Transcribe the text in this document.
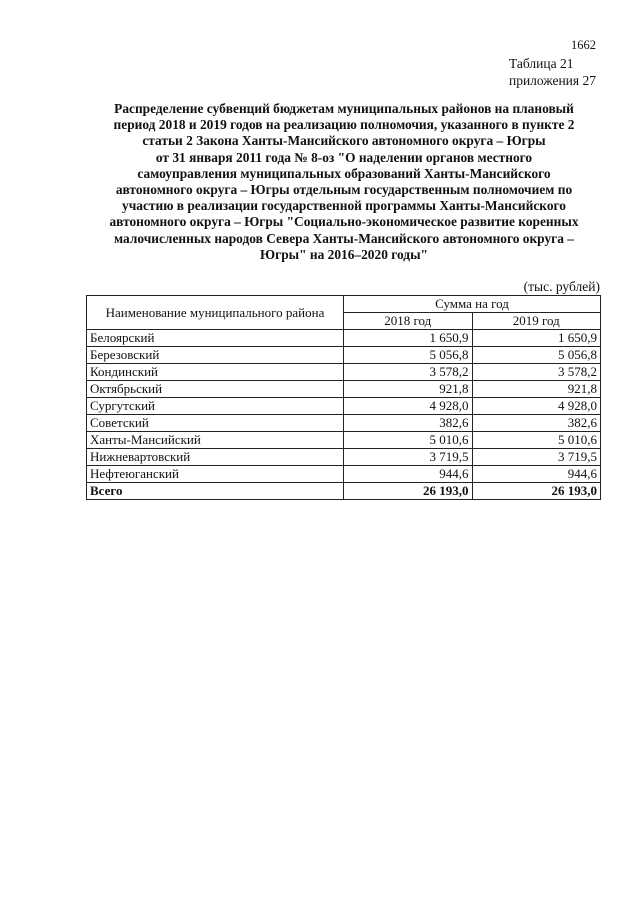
1662
Таблица 21
приложения 27
Распределение субвенций бюджетам муниципальных районов на плановый
период 2018 и 2019 годов на реализацию полномочия, указанного в пункте 2
статьи 2 Закона Ханты-Мансийского автономного округа – Югры
от 31 января 2011 года № 8-оз "О наделении органов местного
самоуправления муниципальных образований Ханты-Мансийского
автономного округа – Югры отдельным государственным полномочием по
участию в реализации государственной программы Ханты-Мансийского
автономного округа – Югры "Социально-экономическое развитие коренных
малочисленных народов Севера Ханты-Мансийского автономного округа –
Югры" на 2016–2020 годы"
(тыс. рублей)
Наименование муниципального района	Сумма на год	
	2018 год	2019 год
Белоярский	1 650,9	1 650,9
Березовский	5 056,8	5 056,8
Кондинский	3 578,2	3 578,2
Октябрьский	921,8	921,8
Сургутский	4 928,0	4 928,0
Советский	382,6	382,6
Ханты-Мансийский	5 010,6	5 010,6
Нижневартовский	3 719,5	3 719,5
Нефтеюганский	944,6	944,6
Всего	26 193,0	26 193,0
